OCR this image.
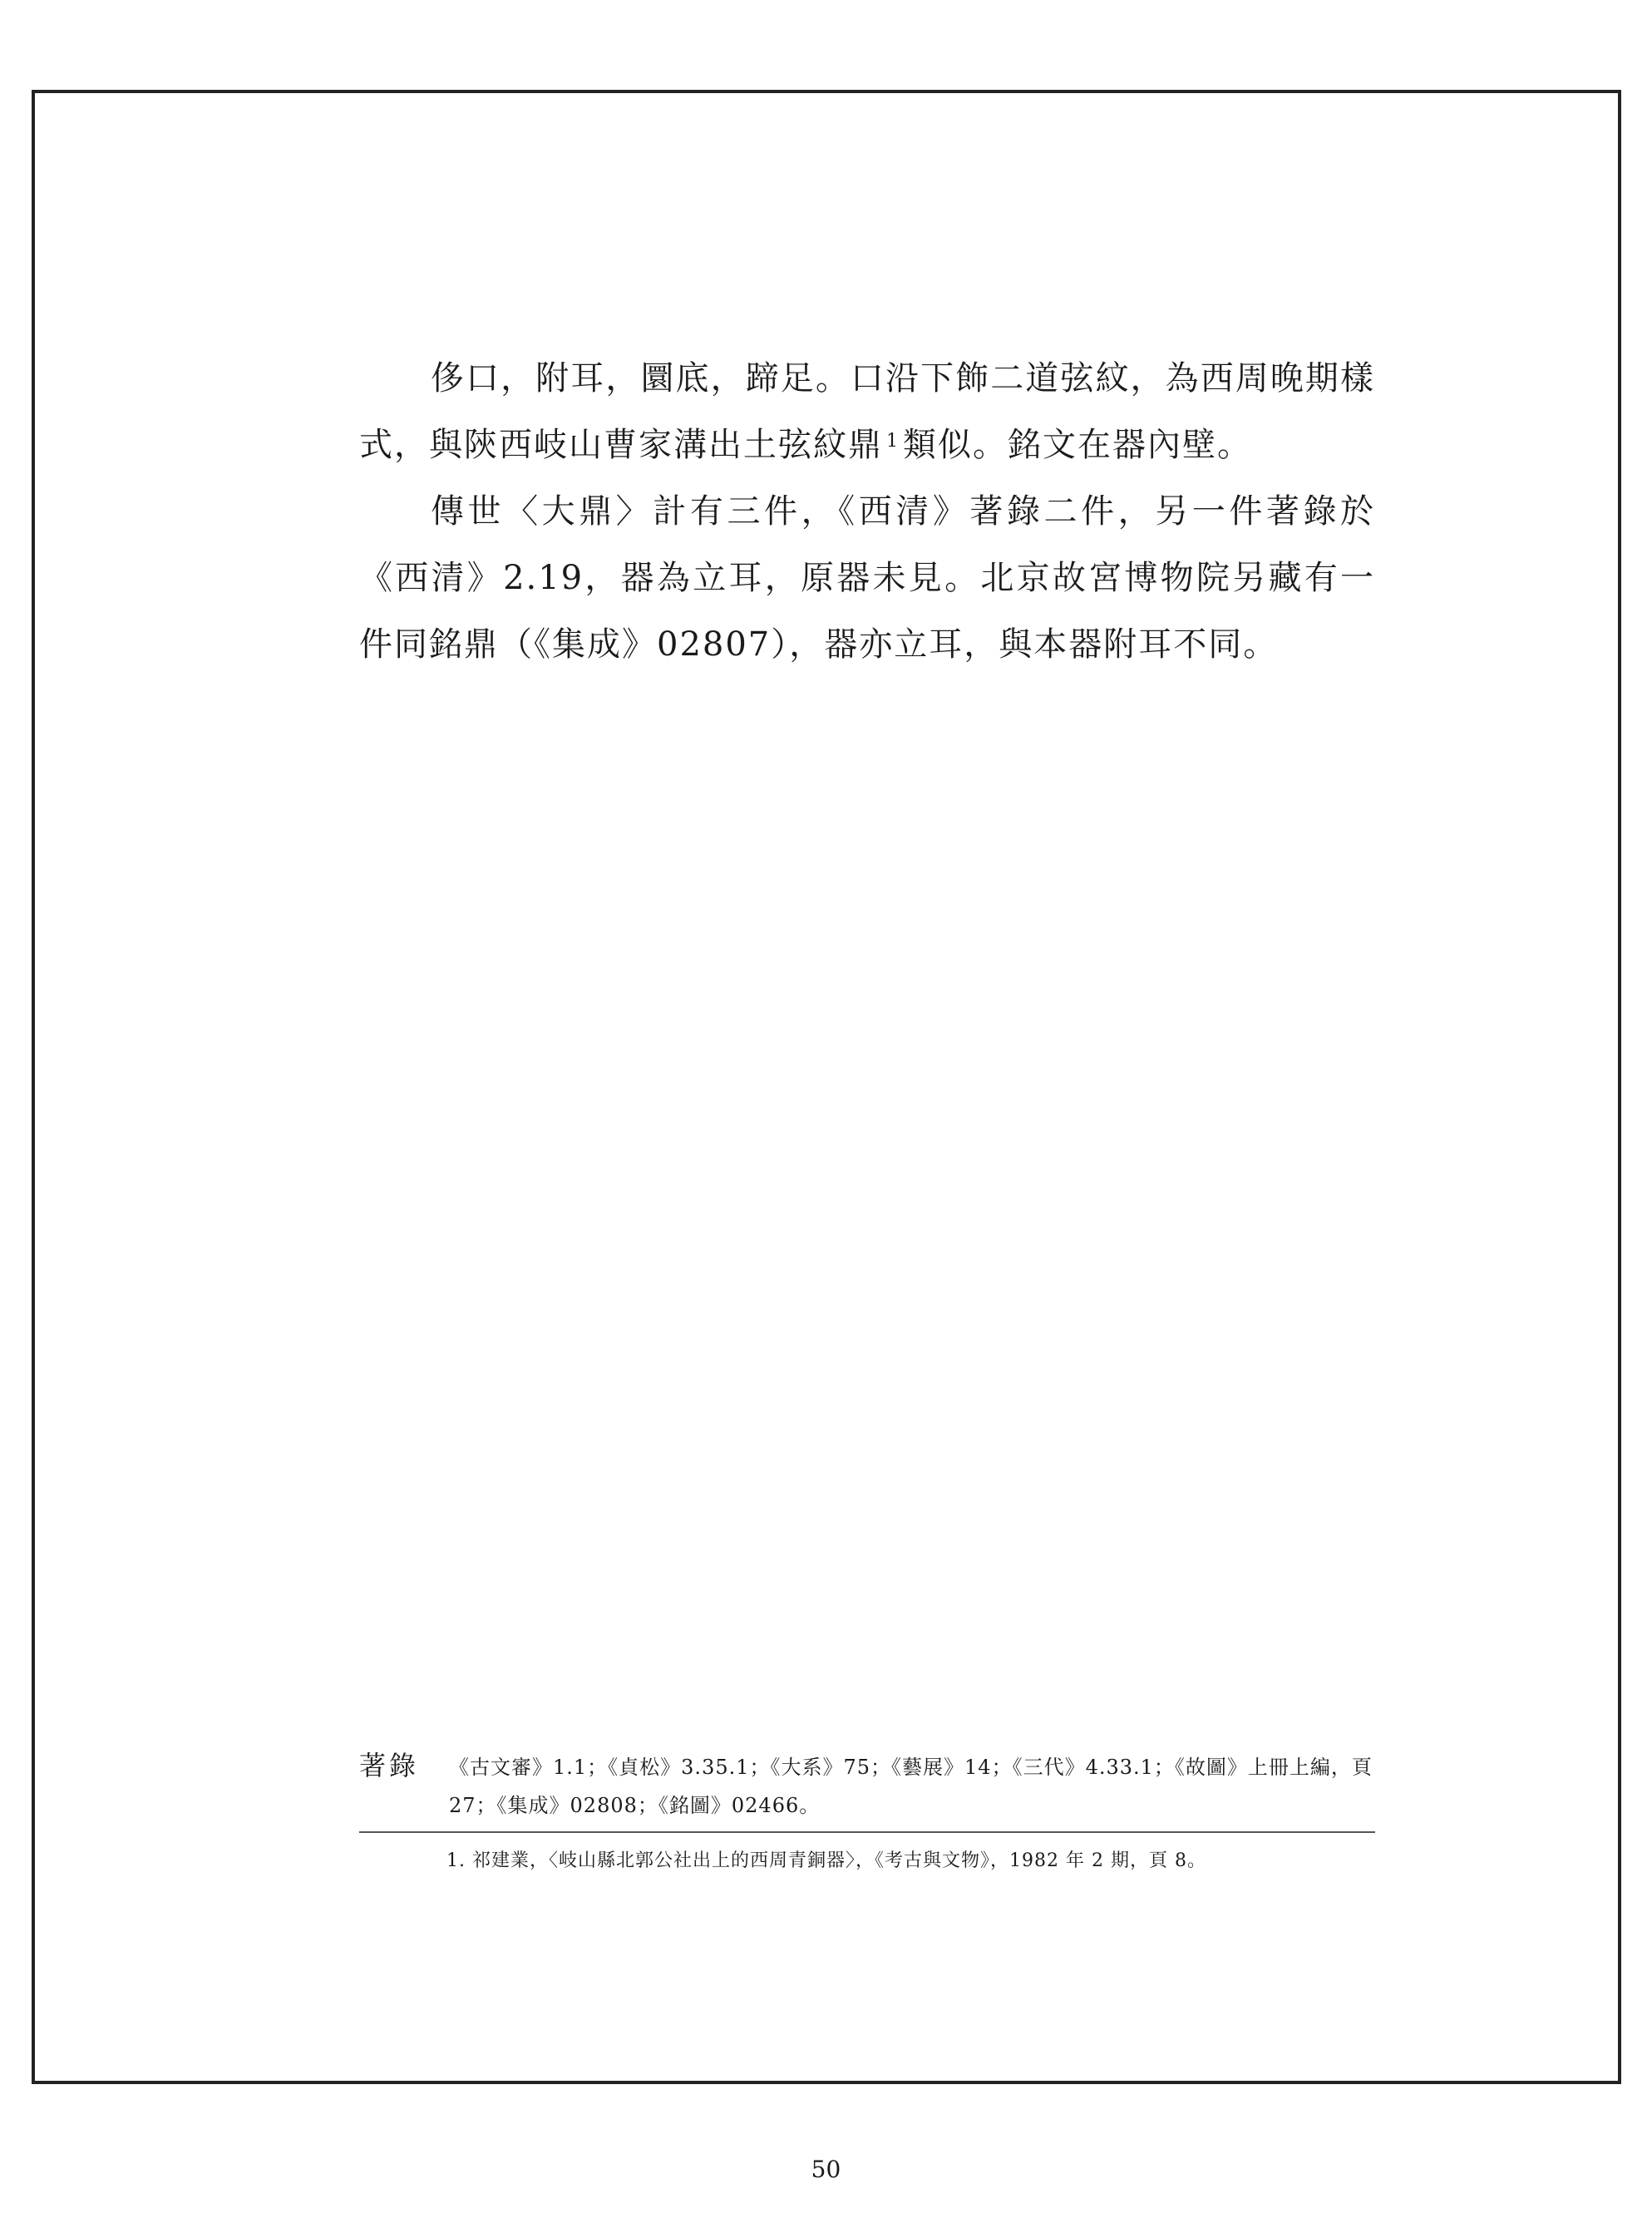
侈口，附耳，圜底，蹄足。口沿下飾二道弦紋，為西周晚期樣式，與陝西岐山曹家溝出土弦紋鼎 $^1$ 類似。銘文在器內壁。

傳世〈大鼎〉計有三件，《西清》著錄二件，另一件著錄於《西清》2.19，器為立耳，原器未見。北京故宮博物院另藏有一件同銘鼎（《集成》02807），器亦立耳，與本器附耳不同。

著錄 《古文審》1.1；《貞松》3.35.1；《大系》75；《藝展》14；《三代》4.33.1；《故圖》上冊上編，頁 27；《集成》02808；《銘圖》02466。
1. 祁建業，〈岐山縣北郭公社出上的西周青銅器〉，《考古與文物》，1982 年 2 期，頁 8。
50
